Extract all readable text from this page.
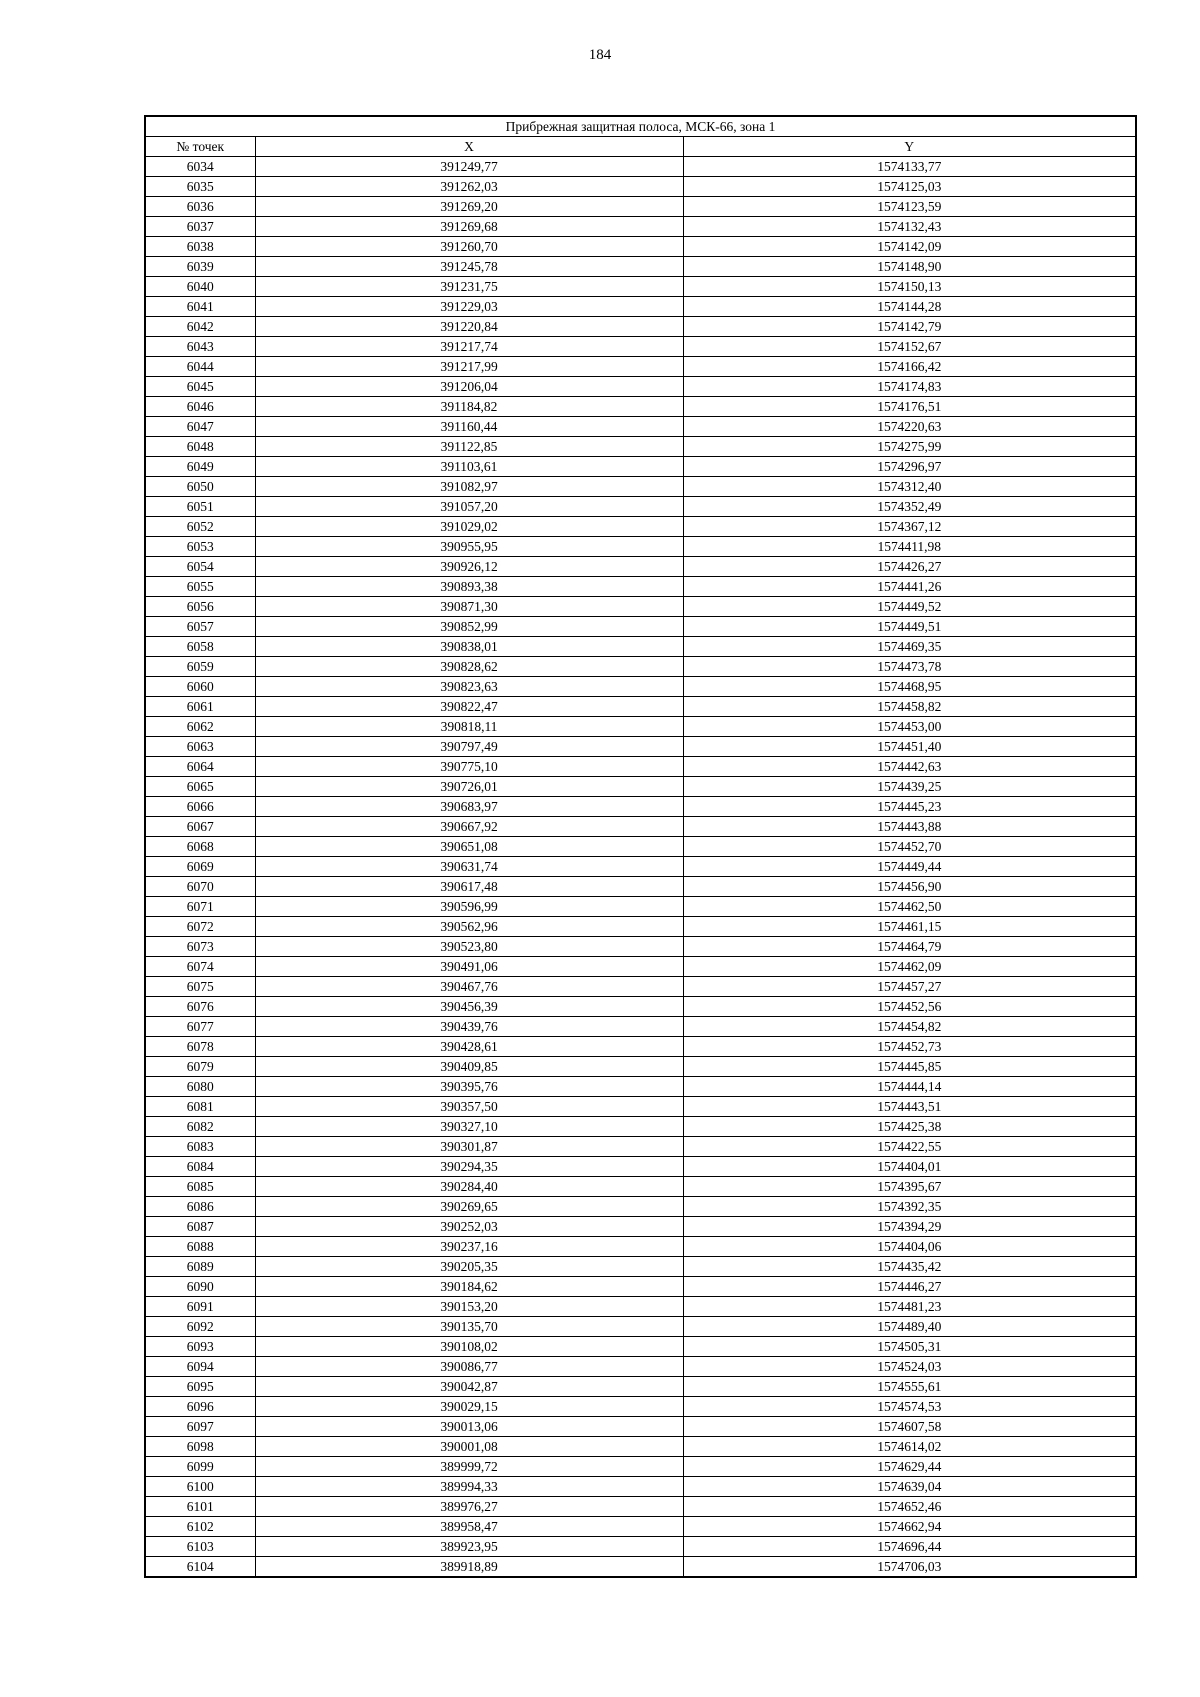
184
Прибрежная защитная полоса, МСК-66, зона 1		
№ точек	X	Y
6034	391249,77	1574133,77
6035	391262,03	1574125,03
6036	391269,20	1574123,59
6037	391269,68	1574132,43
6038	391260,70	1574142,09
6039	391245,78	1574148,90
6040	391231,75	1574150,13
6041	391229,03	1574144,28
6042	391220,84	1574142,79
6043	391217,74	1574152,67
6044	391217,99	1574166,42
6045	391206,04	1574174,83
6046	391184,82	1574176,51
6047	391160,44	1574220,63
6048	391122,85	1574275,99
6049	391103,61	1574296,97
6050	391082,97	1574312,40
6051	391057,20	1574352,49
6052	391029,02	1574367,12
6053	390955,95	1574411,98
6054	390926,12	1574426,27
6055	390893,38	1574441,26
6056	390871,30	1574449,52
6057	390852,99	1574449,51
6058	390838,01	1574469,35
6059	390828,62	1574473,78
6060	390823,63	1574468,95
6061	390822,47	1574458,82
6062	390818,11	1574453,00
6063	390797,49	1574451,40
6064	390775,10	1574442,63
6065	390726,01	1574439,25
6066	390683,97	1574445,23
6067	390667,92	1574443,88
6068	390651,08	1574452,70
6069	390631,74	1574449,44
6070	390617,48	1574456,90
6071	390596,99	1574462,50
6072	390562,96	1574461,15
6073	390523,80	1574464,79
6074	390491,06	1574462,09
6075	390467,76	1574457,27
6076	390456,39	1574452,56
6077	390439,76	1574454,82
6078	390428,61	1574452,73
6079	390409,85	1574445,85
6080	390395,76	1574444,14
6081	390357,50	1574443,51
6082	390327,10	1574425,38
6083	390301,87	1574422,55
6084	390294,35	1574404,01
6085	390284,40	1574395,67
6086	390269,65	1574392,35
6087	390252,03	1574394,29
6088	390237,16	1574404,06
6089	390205,35	1574435,42
6090	390184,62	1574446,27
6091	390153,20	1574481,23
6092	390135,70	1574489,40
6093	390108,02	1574505,31
6094	390086,77	1574524,03
6095	390042,87	1574555,61
6096	390029,15	1574574,53
6097	390013,06	1574607,58
6098	390001,08	1574614,02
6099	389999,72	1574629,44
6100	389994,33	1574639,04
6101	389976,27	1574652,46
6102	389958,47	1574662,94
6103	389923,95	1574696,44
6104	389918,89	1574706,03
